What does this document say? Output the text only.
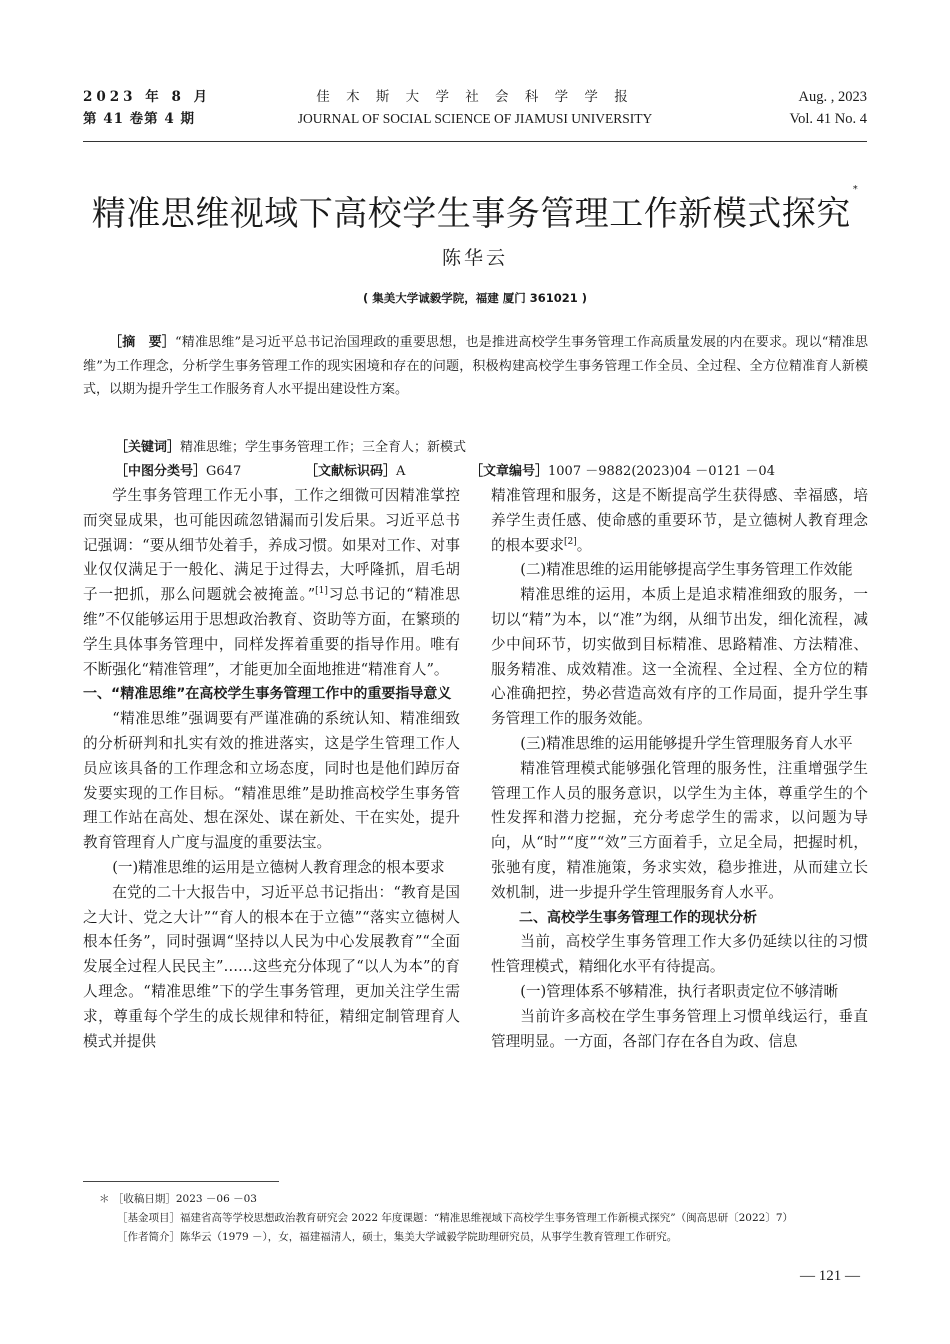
2023 年 8 月
第 41 卷第 4 期
佳 木 斯 大 学 社 会 科 学 学 报
JOURNAL OF SOCIAL SCIENCE OF JIAMUSI UNIVERSITY
Aug. , 2023
Vol. 41 No. 4
精准思维视域下高校学生事务管理工作新模式探究*
陈华云
( 集美大学诚毅学院，福建 厦门 361021 )

［摘　要］“精准思维”是习近平总书记治国理政的重要思想，也是推进高校学生事务管理工作高质量发展的内在要求。现以“精准思维”为工作理念，分析学生事务管理工作的现实困境和存在的问题，积极构建高校学生事务管理工作全员、全过程、全方位精准育人新模式，以期为提升学生工作服务育人水平提出建设性方案。

［关键词］精准思维；学生事务管理工作；三全育人；新模式
［中图分类号］G647	［文献标识码］A	［文章编号］1007 －9882(2023)04 －0121 －04

学生事务管理工作无小事，工作之细微可因精准掌控而突显成果，也可能因疏忽错漏而引发后果。习近平总书记强调：“要从细节处着手，养成习惯。如果对工作、对事业仅仅满足于一般化、满足于过得去，大呼隆抓，眉毛胡子一把抓，那么问题就会被掩盖。”[1]习总书记的“精准思维”不仅能够运用于思想政治教育、资助等方面，在繁琐的学生具体事务管理中，同样发挥着重要的指导作用。唯有不断强化“精准管理”，才能更加全面地推进“精准育人”。

一、“精准思维”在高校学生事务管理工作中的重要指导意义

“精准思维”强调要有严谨准确的系统认知、精准细致的分析研判和扎实有效的推进落实，这是学生管理工作人员应该具备的工作理念和立场态度，同时也是他们踔厉奋发要实现的工作目标。“精准思维”是助推高校学生事务管理工作站在高处、想在深处、谋在新处、干在实处，提升教育管理育人广度与温度的重要法宝。

(一)精准思维的运用是立德树人教育理念的根本要求

在党的二十大报告中，习近平总书记指出：“教育是国之大计、党之大计”“育人的根本在于立德”“落实立德树人根本任务”，同时强调“坚持以人民为中心发展教育”“全面发展全过程人民民主”……这些充分体现了“以人为本”的育人理念。“精准思维”下的学生事务管理，更加关注学生需求，尊重每个学生的成长规律和特征，精细定制管理育人模式并提供

精准管理和服务，这是不断提高学生获得感、幸福感，培养学生责任感、使命感的重要环节，是立德树人教育理念的根本要求[2]。

(二)精准思维的运用能够提高学生事务管理工作效能

精准思维的运用，本质上是追求精准细致的服务，一切以“精”为本，以“准”为纲，从细节出发，细化流程，减少中间环节，切实做到目标精准、思路精准、方法精准、服务精准、成效精准。这一全流程、全过程、全方位的精心准确把控，势必营造高效有序的工作局面，提升学生事务管理工作的服务效能。

(三)精准思维的运用能够提升学生管理服务育人水平

精准管理模式能够强化管理的服务性，注重增强学生管理工作人员的服务意识，以学生为主体，尊重学生的个性发挥和潜力挖掘，充分考虑学生的需求，以问题为导向，从“时”“度”“效”三方面着手，立足全局，把握时机，张驰有度，精准施策，务求实效，稳步推进，从而建立长效机制，进一步提升学生管理服务育人水平。

二、高校学生事务管理工作的现状分析

当前，高校学生事务管理工作大多仍延续以往的习惯性管理模式，精细化水平有待提高。

(一)管理体系不够精准，执行者职责定位不够清晰

当前许多高校在学生事务管理上习惯单线运行，垂直管理明显。一方面，各部门存在各自为政、信息

＊ ［收稿日期］2023 －06 －03
［基金项目］福建省高等学校思想政治教育研究会 2022 年度课题：“精准思维视域下高校学生事务管理工作新模式探究”（闽高思研〔2022〕7）
［作者简介］陈华云（1979 －），女，福建福清人，硕士，集美大学诚毅学院助理研究员，从事学生教育管理工作研究。
— 121 —
